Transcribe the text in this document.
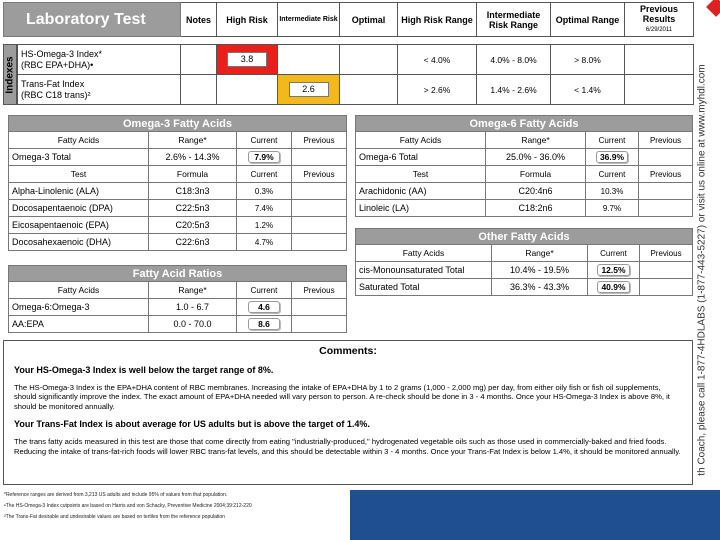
Laboratory Test	Notes	High Risk	Intermediate Risk	Optimal	High Risk Range	Intermediate Risk Range	Optimal Range	Previous Results
6/29/2011
Indexes
HS-Omega-3 Index*
(RBC EPA+DHA)•		3.8			< 4.0%	4.0% - 8.0%	> 8.0%	
Trans-Fat Index
(RBC C18 trans)²			2.6		> 2.6%	1.4% - 2.6%	< 1.4%	
Omega-3 Fatty Acids			
Fatty Acids	Range*	Current	Previous
Omega-3 Total	2.6% - 14.3%	7.9%	
Test	Formula	Current	Previous
Alpha-Linolenic (ALA)	C18:3n3	0.3%	
Docosapentaenoic (DPA)	C22:5n3	7.4%	
Eicosapentaenoic (EPA)	C20:5n3	1.2%	
Docosahexaenoic (DHA)	C22:6n3	4.7%	
Omega-6 Fatty Acids			
Fatty Acids	Range*	Current	Previous
Omega-6 Total	25.0% - 36.0%	36.9%	
Test	Formula	Current	Previous
Arachidonic (AA)	C20:4n6	10.3%	
Linoleic (LA)	C18:2n6	9.7%	
Other Fatty Acids			
Fatty Acids	Range*	Current	Previous
cis-Monounsaturated Total	10.4% - 19.5%	12.5%	
Saturated Total	36.3% - 43.3%	40.9%	
Fatty Acid Ratios			
Fatty Acids	Range*	Current	Previous
Omega-6:Omega-3	1.0 - 6.7	4.6	
AA:EPA	0.0 - 70.0	8.6	
Comments:
Your HS-Omega-3 Index is well below the target range of 8%.
The HS-Omega-3 Index is the EPA+DHA content of RBC membranes. Increasing the intake of EPA+DHA by 1 to 2 grams (1,000 - 2,000 mg) per day, from either oily fish or fish oil supplements, should significantly improve the index. The exact amount of EPA+DHA needed will vary person to person. A re-check should be done in 3 - 4 months. Once your HS-Omega-3 Index is above 8%, it should be monitored annually.
Your Trans-Fat Index is about average for US adults but is above the target of 1.4%.
The trans fatty acids measured in this test are those that come directly from eating "industrially-produced," hydrogenated vegetable oils such as those used in commercially-baked and fried foods. Reducing the intake of trans-fat-rich foods will lower RBC trans-fat levels, and this should be detectable within 3 - 4 months. Once your Trans-Fat Index is below 1.4%, it should be monitored annually.
*Reference ranges are derived from 3,213 US adults and include 95% of values from that population.
•The HS-Omega-3 Index cutpoints are based on Harris and von Schacky, Preventive Medicine 2004;39:212-220
²The Trans-Fat desirable and undesirable values are based on tertiles from the reference population
th Coach, please call 1-877-4HDLABS (1-877-443-5227) or visit us online at www.myhdl.com
